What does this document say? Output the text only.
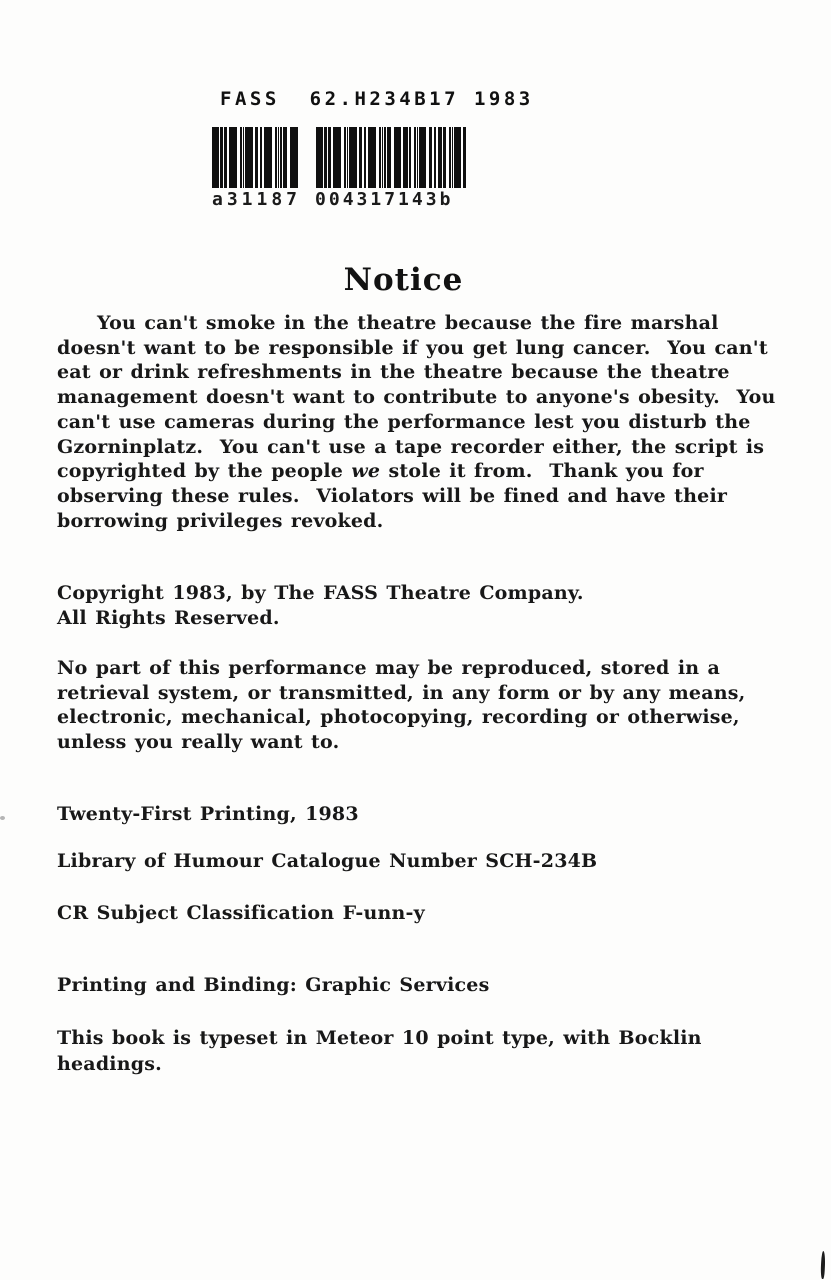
FASS  62.H234B17 1983
a31187 004317143b
Notice
You can't smoke in the theatre because the fire marshal
doesn't want to be responsible if you get lung cancer.  You can't
eat or drink refreshments in the theatre because the theatre
management doesn't want to contribute to anyone's obesity.  You
can't use cameras during the performance lest you disturb the
Gzorninplatz.  You can't use a tape recorder either, the script is
copyrighted by the people we stole it from.  Thank you for
observing these rules.  Violators will be fined and have their
borrowing privileges revoked.
Copyright 1983, by The FASS Theatre Company.
All Rights Reserved.
No part of this performance may be reproduced, stored in a
retrieval system, or transmitted, in any form or by any means,
electronic, mechanical, photocopying, recording or otherwise,
unless you really want to.
Twenty-First Printing, 1983
Library of Humour Catalogue Number SCH-234B
CR Subject Classification F-unn-y
Printing and Binding: Graphic Services
This book is typeset in Meteor 10 point type, with Bocklin
headings.
